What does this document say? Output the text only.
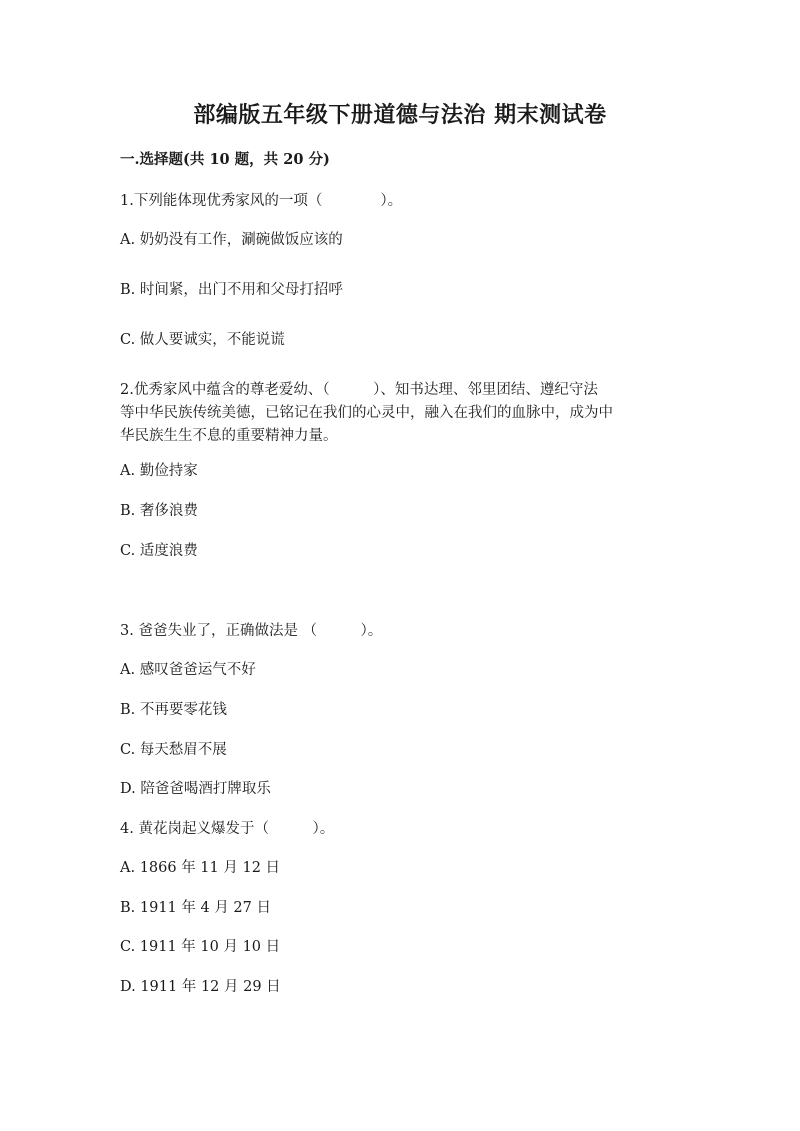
部编版五年级下册道德与法治 期末测试卷
一.选择题(共 10 题，共 20 分)
1.下列能体现优秀家风的一项（　　　　）。
A. 奶奶没有工作，涮碗做饭应该的
B. 时间紧，出门不用和父母打招呼
C. 做人要诚实，不能说谎
2.优秀家风中蕴含的尊老爱幼、（　　　）、知书达理、邻里团结、遵纪守法
等中华民族传统美德，已铭记在我们的心灵中，融入在我们的血脉中，成为中
华民族生生不息的重要精神力量。
A. 勤俭持家
B. 奢侈浪费
C. 适度浪费
3. 爸爸失业了，正确做法是 （　　　）。
A. 感叹爸爸运气不好
B. 不再要零花钱
C. 每天愁眉不展
D. 陪爸爸喝酒打牌取乐
4. 黄花岗起义爆发于（　　　）。
A. 1866 年 11 月 12 日
B. 1911 年 4 月 27 日
C. 1911 年 10 月 10 日
D. 1911 年 12 月 29 日
